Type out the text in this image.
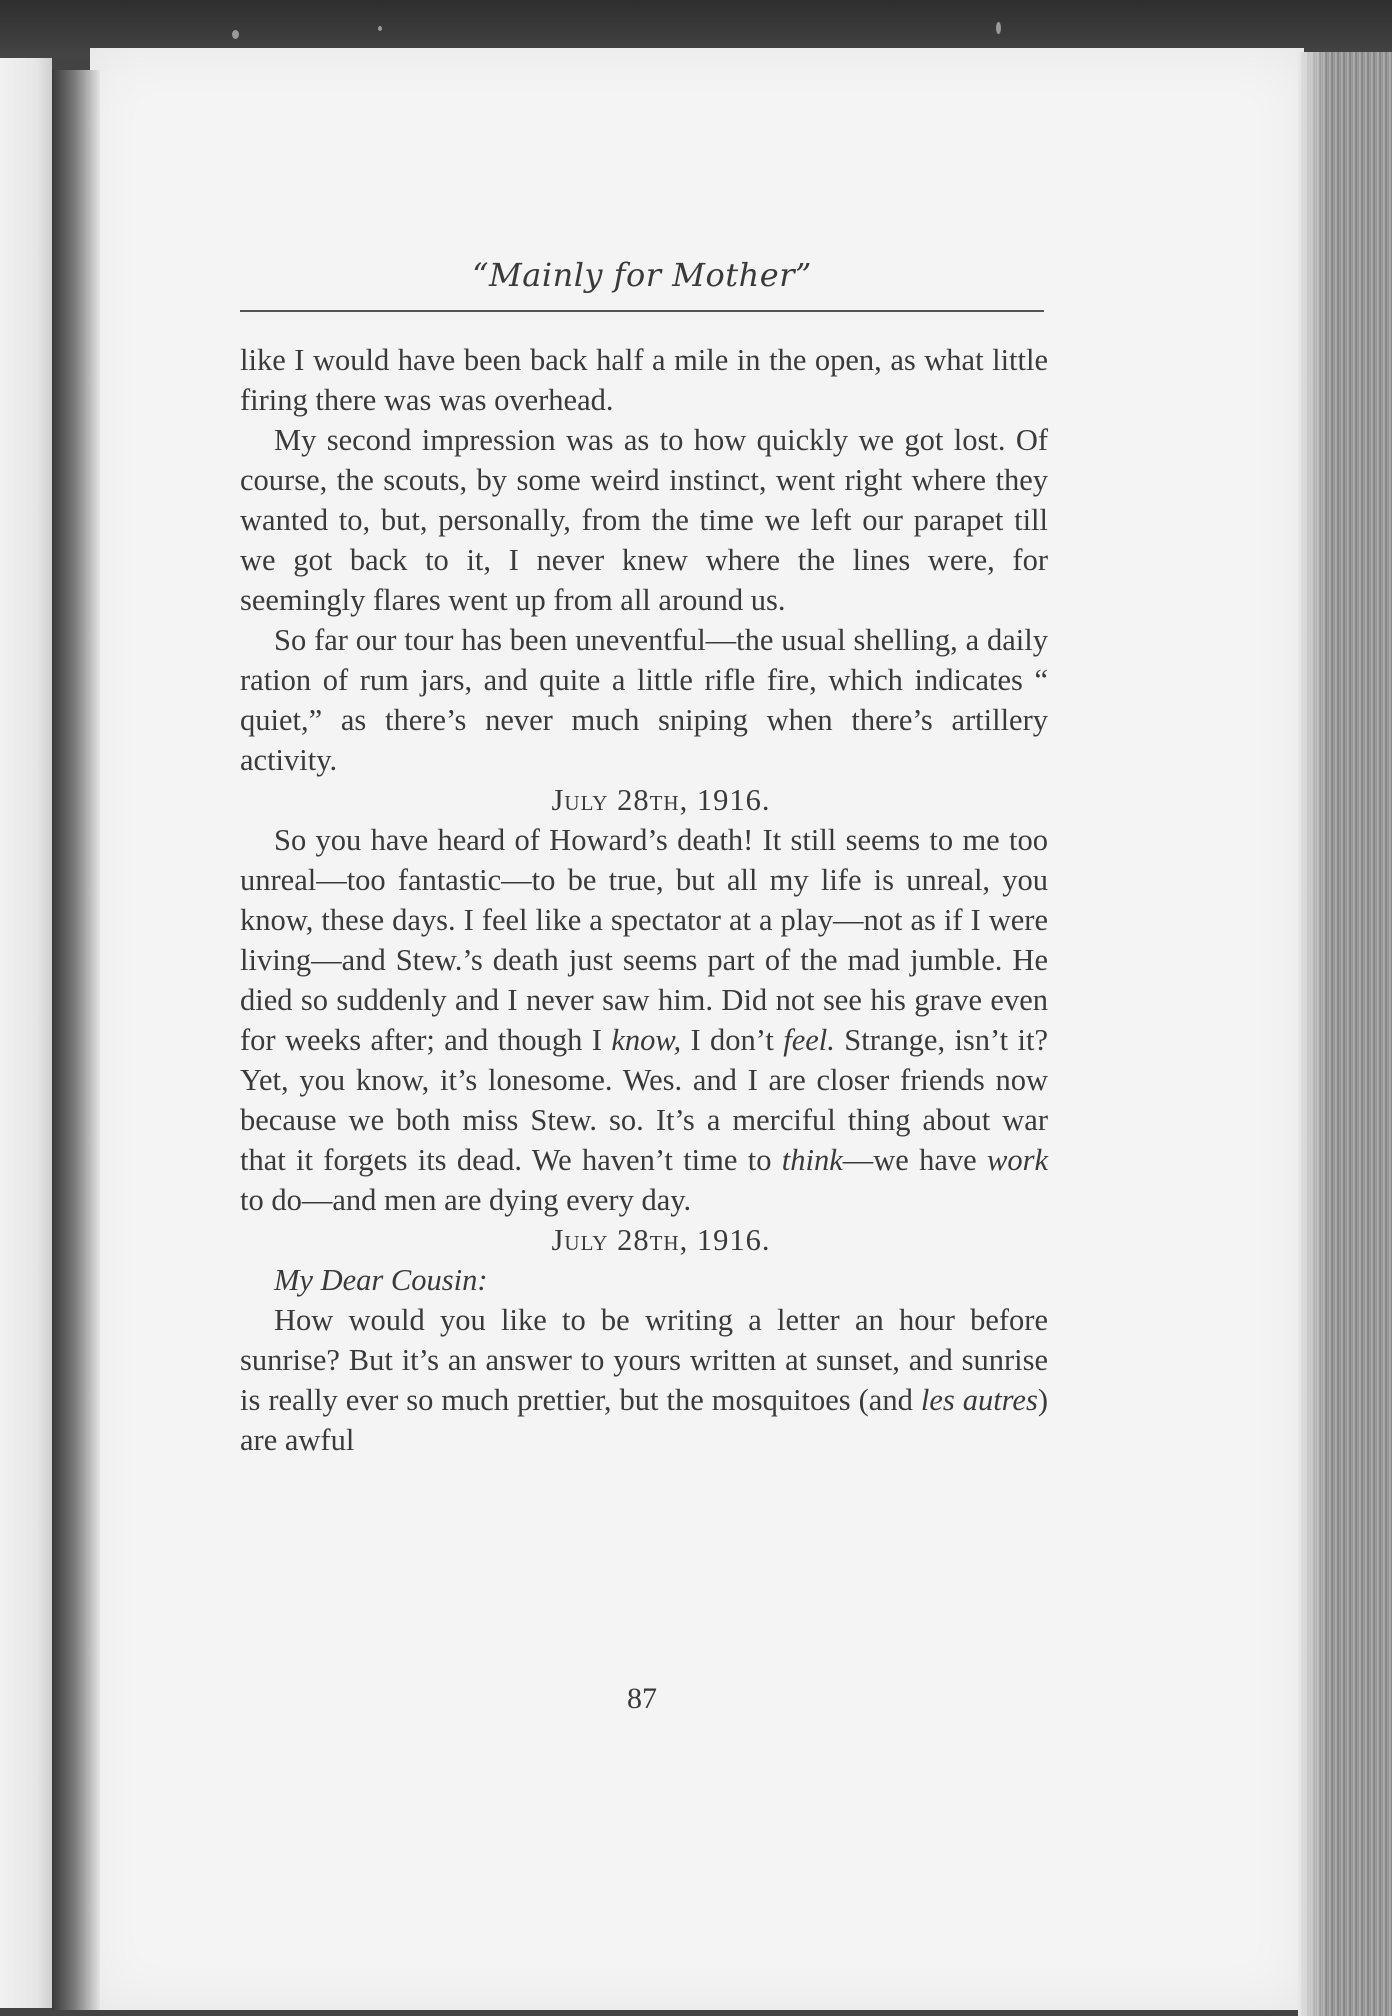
“Mainly for Mother”

like I would have been back half a mile in the open, as what little firing there was was overhead.

My second impression was as to how quickly we got lost. Of course, the scouts, by some weird instinct, went right where they wanted to, but, personally, from the time we left our parapet till we got back to it, I never knew where the lines were, for seemingly flares went up from all around us.

So far our tour has been uneventful—the usual shelling, a daily ration of rum jars, and quite a little rifle fire, which indicates “ quiet,” as there’s never much sniping when there’s artillery activity.

July 28th, 1916.

So you have heard of Howard’s death! It still seems to me too unreal—too fantastic—to be true, but all my life is unreal, you know, these days. I feel like a spectator at a play—not as if I were living—and Stew.’s death just seems part of the mad jumble. He died so suddenly and I never saw him. Did not see his grave even for weeks after; and though I know, I don’t feel. Strange, isn’t it? Yet, you know, it’s lonesome. Wes. and I are closer friends now because we both miss Stew. so. It’s a merciful thing about war that it forgets its dead. We haven’t time to think—we have work to do—and men are dying every day.

July 28th, 1916.

My Dear Cousin:

How would you like to be writing a letter an hour before sunrise? But it’s an answer to yours written at sunset, and sunrise is really ever so much prettier, but the mosquitoes (and les autres) are awful

87
